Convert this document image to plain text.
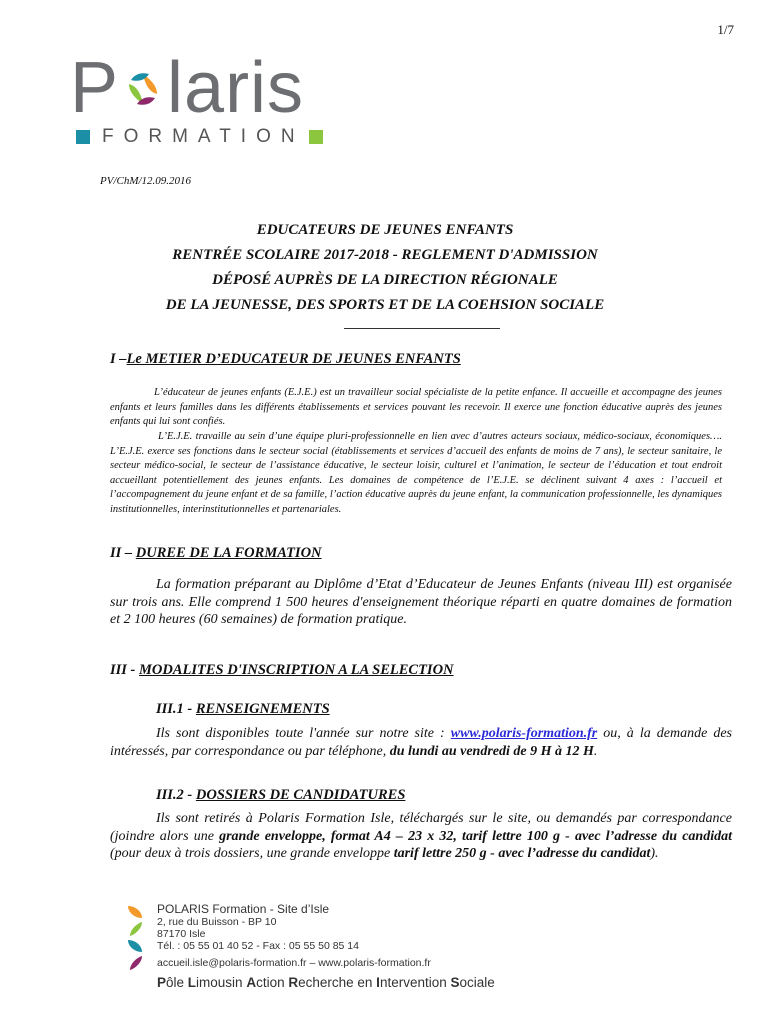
1/7
P laris
FORMATION
PV/ChM/12.09.2016
EDUCATEURS DE JEUNES ENFANTS
RENTRÉE SCOLAIRE 2017-2018 - REGLEMENT D'ADMISSION
DÉPOSÉ AUPRÈS DE LA DIRECTION RÉGIONALE
DE LA JEUNESSE, DES SPORTS ET DE LA COEHSION SOCIALE
I –Le METIER D’EDUCATEUR DE JEUNES ENFANTS
L’éducateur de jeunes enfants (E.J.E.) est un travailleur social spécialiste de la petite enfance. Il accueille et accompagne des jeunes enfants et leurs familles dans les différents établissements et services pouvant les recevoir. Il exerce une fonction éducative auprès des jeunes enfants qui lui sont confiés.
L’E.J.E. travaille au sein d’une équipe pluri-professionnelle en lien avec d’autres acteurs sociaux, médico-sociaux, économiques…. L’E.J.E. exerce ses fonctions dans le secteur social (établissements et services d’accueil des enfants de moins de 7 ans), le secteur sanitaire, le secteur médico-social, le secteur de l’assistance éducative, le secteur loisir, culturel et l’animation, le secteur de l’éducation et tout endroit accueillant potentiellement des jeunes enfants. Les domaines de compétence de l’E.J.E. se déclinent suivant 4 axes : l’accueil et l’accompagnement du jeune enfant et de sa famille, l’action éducative auprès du jeune enfant, la communication professionnelle, les dynamiques institutionnelles, interinstitutionnelles et partenariales.
II – DUREE DE LA FORMATION
La formation préparant au Diplôme d’Etat d’Educateur de Jeunes Enfants (niveau III) est organisée sur trois ans. Elle comprend 1 500 heures d'enseignement théorique réparti en quatre domaines de formation et 2 100 heures (60 semaines) de formation pratique.
III - MODALITES D'INSCRIPTION A LA SELECTION
III.1 - RENSEIGNEMENTS
Ils sont disponibles toute l'année sur notre site : www.polaris-formation.fr ou, à la demande des intéressés, par correspondance ou par téléphone, du lundi au vendredi de 9 H à 12 H.
III.2 - DOSSIERS DE CANDIDATURES
Ils sont retirés à Polaris Formation Isle, téléchargés sur le site, ou demandés par correspondance (joindre alors une grande enveloppe, format A4 – 23 x 32, tarif lettre 100 g - avec l’adresse du candidat (pour deux à trois dossiers, une grande enveloppe tarif lettre 250 g - avec l’adresse du candidat).
POLARIS Formation - Site d’Isle
2, rue du Buisson - BP 10
87170 Isle
Tél. : 05 55 01 40 52 - Fax : 05 55 50 85 14
accueil.isle@polaris-formation.fr – www.polaris-formation.fr
Pôle Limousin Action Recherche en Intervention Sociale
